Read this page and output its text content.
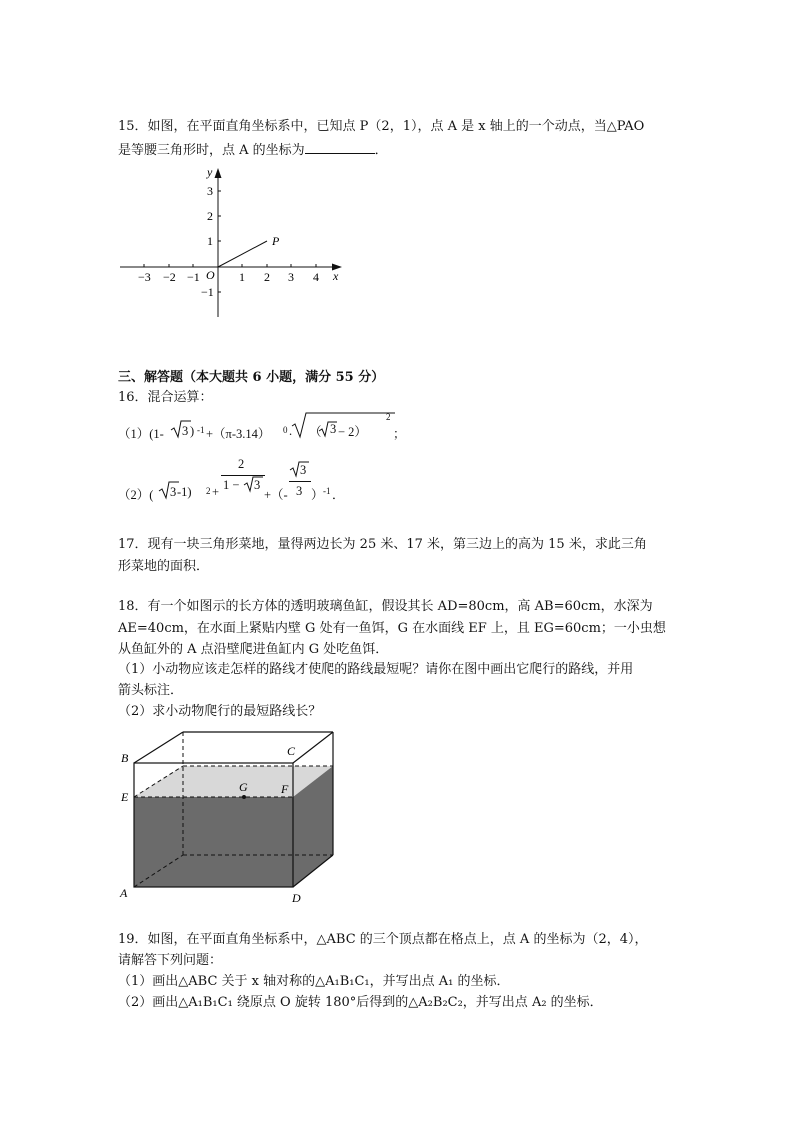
15．如图，在平面直角坐标系中，已知点 P（2，1），点 A 是 x 轴上的一个动点，当△PAO
是等腰三角形时，点 A 的坐标为	．
y
x
O
P
−3 −2 −1	1 2 3 4
3
2
1
−1
三、解答题（本大题共 6 小题，满分 55 分）
16．混合运算：
（1）(1- 3 ) -1 +（π-3.14） 0 . （ 3 − 2）
2
；
（2）( 3 -1) 2 +
2
1 − 3
+（-
3
3 ） -1 ．
17．现有一块三角形菜地，量得两边长为 25 米、17 米，第三边上的高为 15 米，求此三角
形菜地的面积．
18．有一个如图示的长方体的透明玻璃鱼缸，假设其长 AD=80cm，高 AB=60cm，水深为
AE=40cm，在水面上紧贴内壁 G 处有一鱼饵，G 在水面线 EF 上，且 EG=60cm；一小虫想
从鱼缸外的 A 点沿壁爬进鱼缸内 G 处吃鱼饵．
（1）小动物应该走怎样的路线才使爬的路线最短呢？请你在图中画出它爬行的路线，并用
箭头标注．
（2）求小动物爬行的最短路线长？
B	C
E
G	F
A	D
19．如图，在平面直角坐标系中，△ABC 的三个顶点都在格点上，点 A 的坐标为（2，4），
请解答下列问题：
（1）画出△ABC 关于 x 轴对称的△A₁B₁C₁，并写出点 A₁ 的坐标．
（2）画出△A₁B₁C₁ 绕原点 O 旋转 180°后得到的△A₂B₂C₂，并写出点 A₂ 的坐标．
